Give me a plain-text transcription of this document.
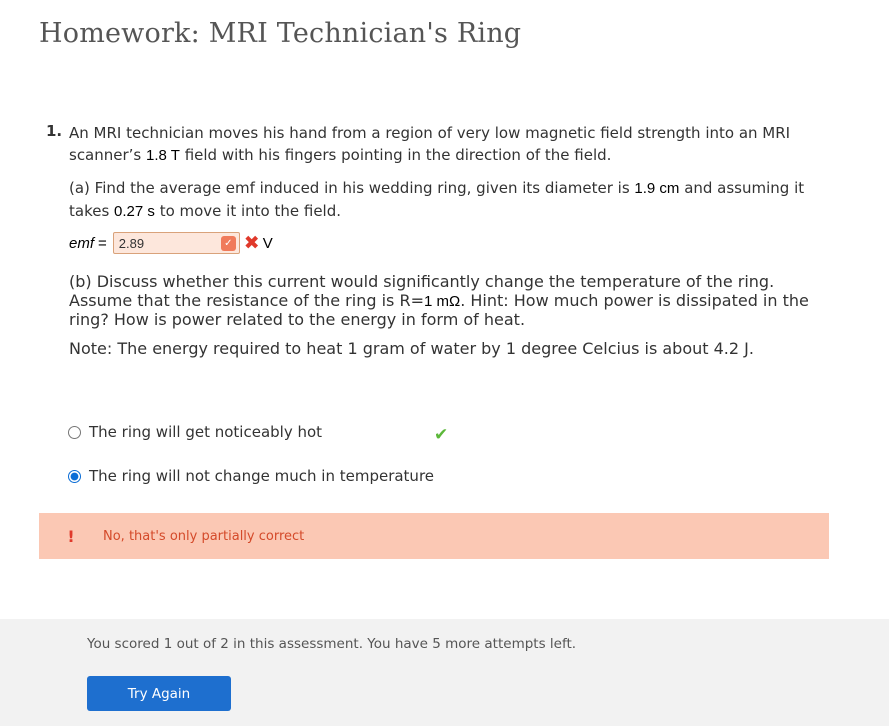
Homework: MRI Technician's Ring
1. An MRI technician moves his hand from a region of very low magnetic field strength into an MRI scanner’s 1.8 T field with his fingers pointing in the direction of the field.

(a) Find the average emf induced in his wedding ring, given its diameter is 1.9 cm and assuming it takes 0.27 s to move it into the field.

emf = 2.89	✓ ✖ V

(b) Discuss whether this current would significantly change the temperature of the ring. Assume that the resistance of the ring is R=1 mΩ. Hint: How much power is dissipated in the ring? How is power related to the energy in form of heat.

Note: The energy required to heat 1 gram of water by 1 degree Celcius is about 4.2 J.

The ring will get noticeably hot	✔
The ring will not change much in temperature
!	No, that's only partially correct
You scored 1 out of 2 in this assessment. You have 5 more attempts left.
Try Again
